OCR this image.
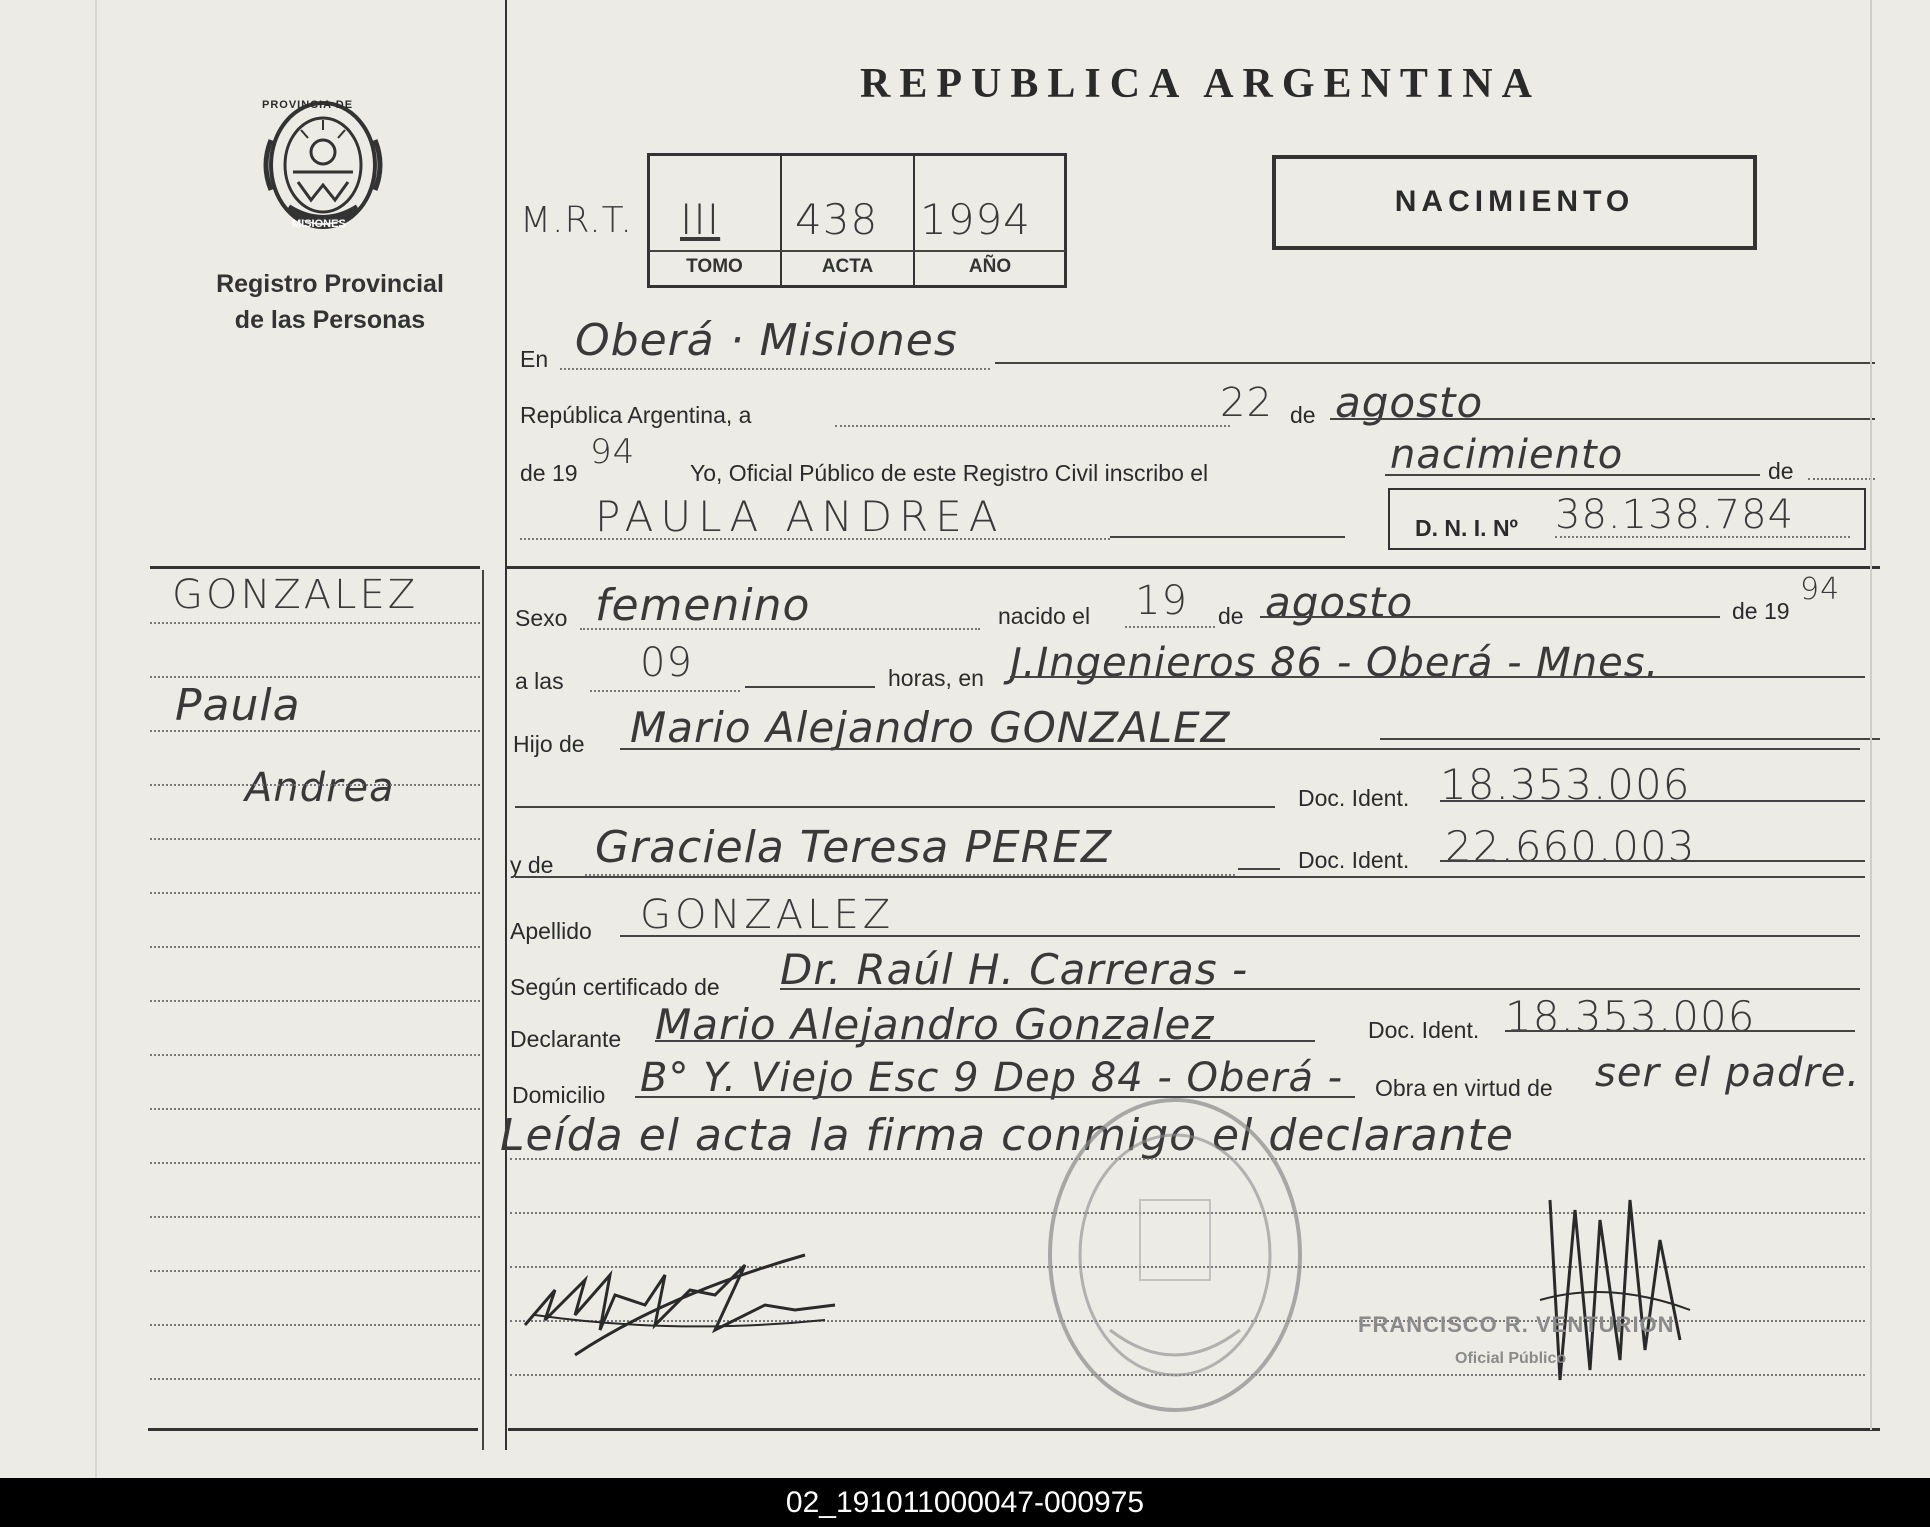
PROVINCIA DE
MISIONES
Registro Provincial
de las Personas
REPUBLICA ARGENTINA
M.R.T. III 438 1994
TOMO	ACTA	AÑO
NACIMIENTO
En Oberá · Misiones
República Argentina, a	22 de agosto
de 19
94
Yo, Oficial Público de este Registro Civil inscribo el	nacimiento	de
PAULA ANDREA	D. N. I. Nº 38.138.784
GONZALEZ
Paula
Andrea
Sexo femenino	nacido el 19 de agosto	de 19
94
a las 09	horas, en J.Ingenieros 86 - Oberá - Mnes.
Hijo de Mario Alejandro GONZALEZ
Doc. Ident. 18.353.006
y de Graciela Teresa PEREZ	Doc. Ident. 22.660.003
Apellido GONZALEZ
Según certificado de Dr. Raúl H. Carreras -
Declarante Mario Alejandro Gonzalez	Doc. Ident. 18.353.006
Domicilio B° Y. Viejo Esc 9 Dep 84 - Oberá - Obra en virtud de ser el padre.
Leída el acta la firma conmigo el declarante
FRANCISCO R. VENTURION
Oficial Público
02_191011000047-000975
